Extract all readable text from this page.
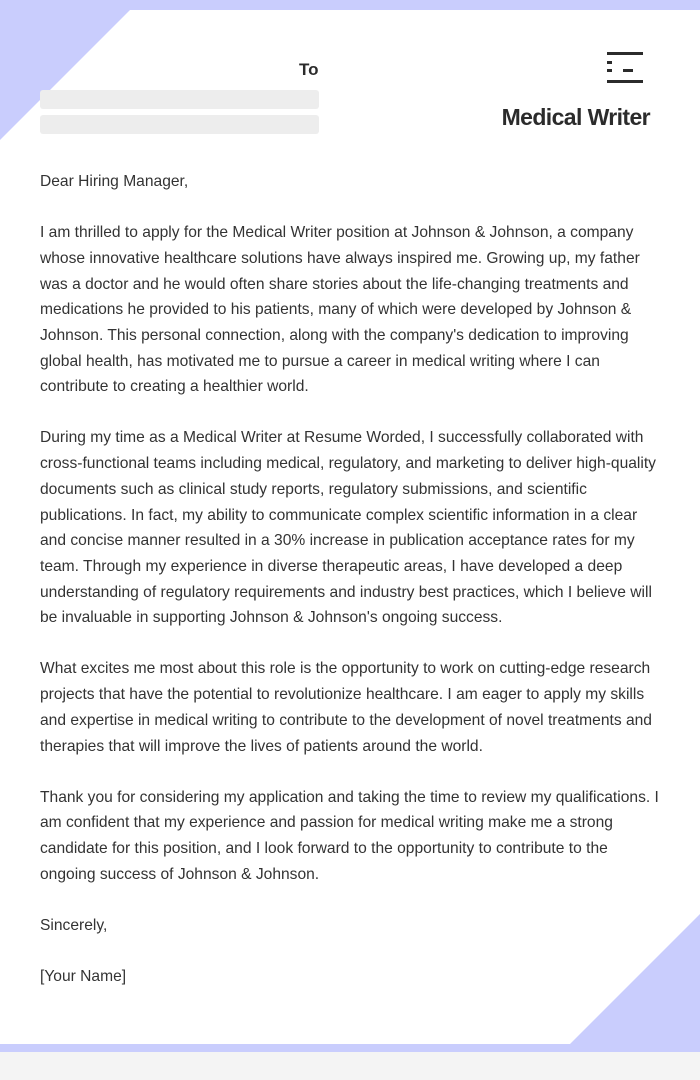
To
Medical Writer

Dear Hiring Manager,

I am thrilled to apply for the Medical Writer position at Johnson & Johnson, a company whose innovative healthcare solutions have always inspired me. Growing up, my father was a doctor and he would often share stories about the life-changing treatments and medications he provided to his patients, many of which were developed by Johnson & Johnson. This personal connection, along with the company's dedication to improving global health, has motivated me to pursue a career in medical writing where I can contribute to creating a healthier world.

During my time as a Medical Writer at Resume Worded, I successfully collaborated with cross-functional teams including medical, regulatory, and marketing to deliver high-quality documents such as clinical study reports, regulatory submissions, and scientific publications. In fact, my ability to communicate complex scientific information in a clear and concise manner resulted in a 30% increase in publication acceptance rates for my team. Through my experience in diverse therapeutic areas, I have developed a deep understanding of regulatory requirements and industry best practices, which I believe will be invaluable in supporting Johnson & Johnson's ongoing success.

What excites me most about this role is the opportunity to work on cutting-edge research projects that have the potential to revolutionize healthcare. I am eager to apply my skills and expertise in medical writing to contribute to the development of novel treatments and therapies that will improve the lives of patients around the world.

Thank you for considering my application and taking the time to review my qualifications. I am confident that my experience and passion for medical writing make me a strong candidate for this position, and I look forward to the opportunity to contribute to the ongoing success of Johnson & Johnson.

Sincerely,

[Your Name]
